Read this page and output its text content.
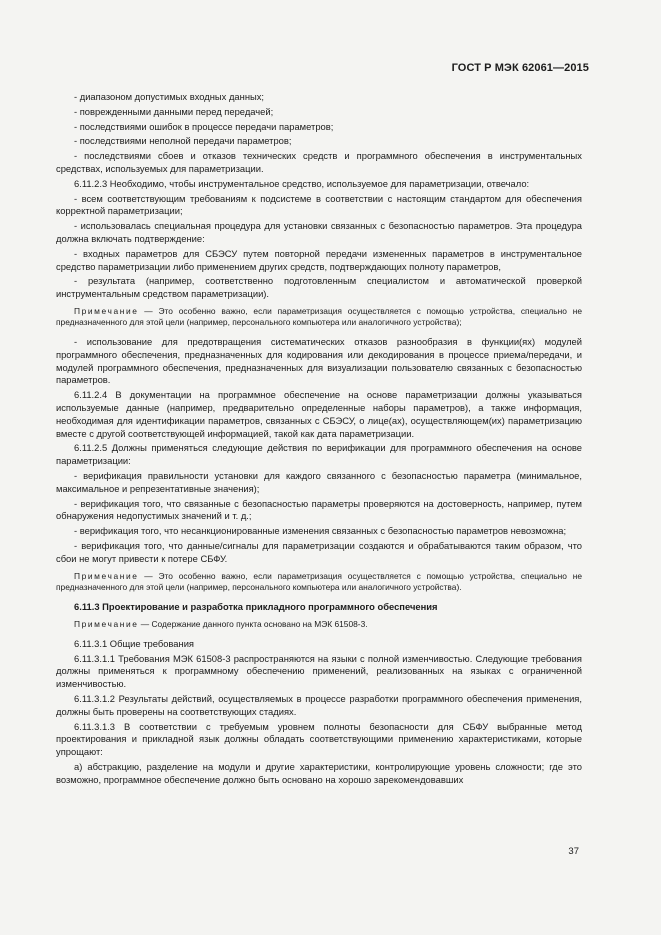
ГОСТ Р МЭК 62061—2015
- диапазоном допустимых входных данных;
- поврежденными данными перед передачей;
- последствиями ошибок в процессе передачи параметров;
- последствиями неполной передачи параметров;
- последствиями сбоев и отказов технических средств и программного обеспечения в инструментальных средствах, используемых для параметризации.
6.11.2.3 Необходимо, чтобы инструментальное средство, используемое для параметризации, отвечало:
- всем соответствующим требованиям к подсистеме в соответствии с настоящим стандартом для обеспечения корректной параметризации;
- использовалась специальная процедура для установки связанных с безопасностью параметров. Эта процедура должна включать подтверждение:
- входных параметров для СБЭСУ путем повторной передачи измененных параметров в инструментальное средство параметризации либо применением других средств, подтверждающих полноту параметров,
- результата (например, соответственно подготовленным специалистом и автоматической проверкой инструментальным средством параметризации).
Примечание — Это особенно важно, если параметризация осуществляется с помощью устройства, специально не предназначенного для этой цели (например, персонального компьютера или аналогичного устройства);
- использование для предотвращения систематических отказов разнообразия в функции(ях) модулей программного обеспечения, предназначенных для кодирования или декодирования в процессе приема/передачи, и модулей программного обеспечения, предназначенных для визуализации пользователю связанных с безопасностью параметров.
6.11.2.4 В документации на программное обеспечение на основе параметризации должны указываться используемые данные (например, предварительно определенные наборы параметров), а также информация, необходимая для идентификации параметров, связанных с СБЭСУ, о лице(ах), осуществляющем(их) параметризацию вместе с другой соответствующей информацией, такой как дата параметризации.
6.11.2.5 Должны применяться следующие действия по верификации для программного обеспечения на основе параметризации:
- верификация правильности установки для каждого связанного с безопасностью параметра (минимальное, максимальное и репрезентативные значения);
- верификация того, что связанные с безопасностью параметры проверяются на достоверность, например, путем обнаружения недопустимых значений и т. д.;
- верификация того, что несанкционированные изменения связанных с безопасностью параметров невозможна;
- верификация того, что данные/сигналы для параметризации создаются и обрабатываются таким образом, что сбои не могут привести к потере СБФУ.
Примечание — Это особенно важно, если параметризация осуществляется с помощью устройства, специально не предназначенного для этой цели (например, персонального компьютера или аналогичного устройства).
6.11.3 Проектирование и разработка прикладного программного обеспечения
Примечание — Содержание данного пункта основано на МЭК 61508-3.
6.11.3.1 Общие требования
6.11.3.1.1 Требования МЭК 61508-3 распространяются на языки с полной изменчивостью. Следующие требования должны применяться к программному обеспечению применений, реализованных на языках с ограниченной изменчивостью.
6.11.3.1.2 Результаты действий, осуществляемых в процессе разработки программного обеспечения применения, должны быть проверены на соответствующих стадиях.
6.11.3.1.3 В соответствии с требуемым уровнем полноты безопасности для СБФУ выбранные метод проектирования и прикладной язык должны обладать соответствующими применению характеристиками, которые упрощают:
а) абстракцию, разделение на модули и другие характеристики, контролирующие уровень сложности; где это возможно, программное обеспечение должно быть основано на хорошо зарекомендовавших
37
